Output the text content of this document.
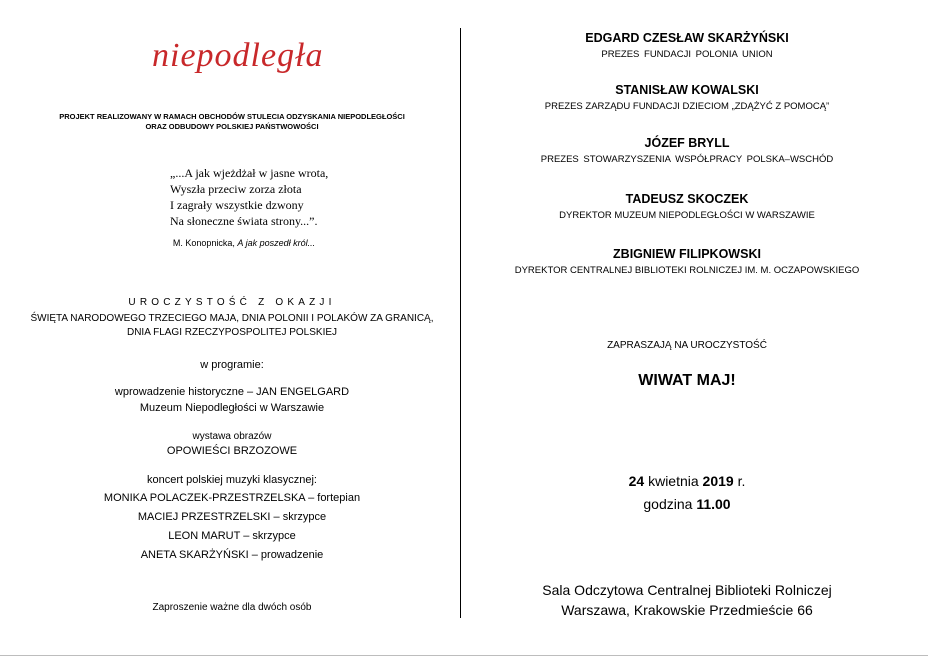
niepodległa
PROJEKT REALIZOWANY W RAMACH OBCHODÓW STULECIA ODZYSKANIA NIEPODLEGŁOŚCI
ORAZ ODBUDOWY POLSKIEJ PAŃSTWOWOŚCI
„...A jak wjeżdżał w jasne wrota,
Wyszła przeciw zorza złota
I zagrały wszystkie dzwony
Na słoneczne świata strony...”.
M. Konopnicka, A jak poszedł król...
UROCZYSTOŚĆ Z OKAZJI
ŚWIĘTA NARODOWEGO TRZECIEGO MAJA, DNIA POLONII I POLAKÓW ZA GRANICĄ,
DNIA FLAGI RZECZYPOSPOLITEJ POLSKIEJ
w programie:
wprowadzenie historyczne – JAN ENGELGARD
Muzeum Niepodległości w Warszawie
wystawa obrazów
OPOWIEŚCI BRZOZOWE
koncert polskiej muzyki klasycznej:
MONIKA POLACZEK-PRZESTRZELSKA – fortepian
MACIEJ PRZESTRZELSKI – skrzypce
LEON MARUT – skrzypce
ANETA SKARŻYŃSKI – prowadzenie
Zaproszenie ważne dla dwóch osób
EDGARD CZESŁAW SKARŻYŃSKI
PREZES FUNDACJI POLONIA UNION
STANISŁAW KOWALSKI
PREZES ZARZĄDU FUNDACJI DZIECIOM „ZDĄŻYĆ Z POMOCĄ”
JÓZEF BRYLL
PREZES STOWARZYSZENIA WSPÓŁPRACY POLSKA–WSCHÓD
TADEUSZ SKOCZEK
DYREKTOR MUZEUM NIEPODLEGŁOŚCI W WARSZAWIE
ZBIGNIEW FILIPKOWSKI
DYREKTOR CENTRALNEJ BIBLIOTEKI ROLNICZEJ IM. M. OCZAPOWSKIEGO
ZAPRASZAJĄ NA UROCZYSTOŚĆ
WIWAT MAJ!
24 kwietnia 2019 r.
godzina 11.00
Sala Odczytowa Centralnej Biblioteki Rolniczej
Warszawa, Krakowskie Przedmieście 66
